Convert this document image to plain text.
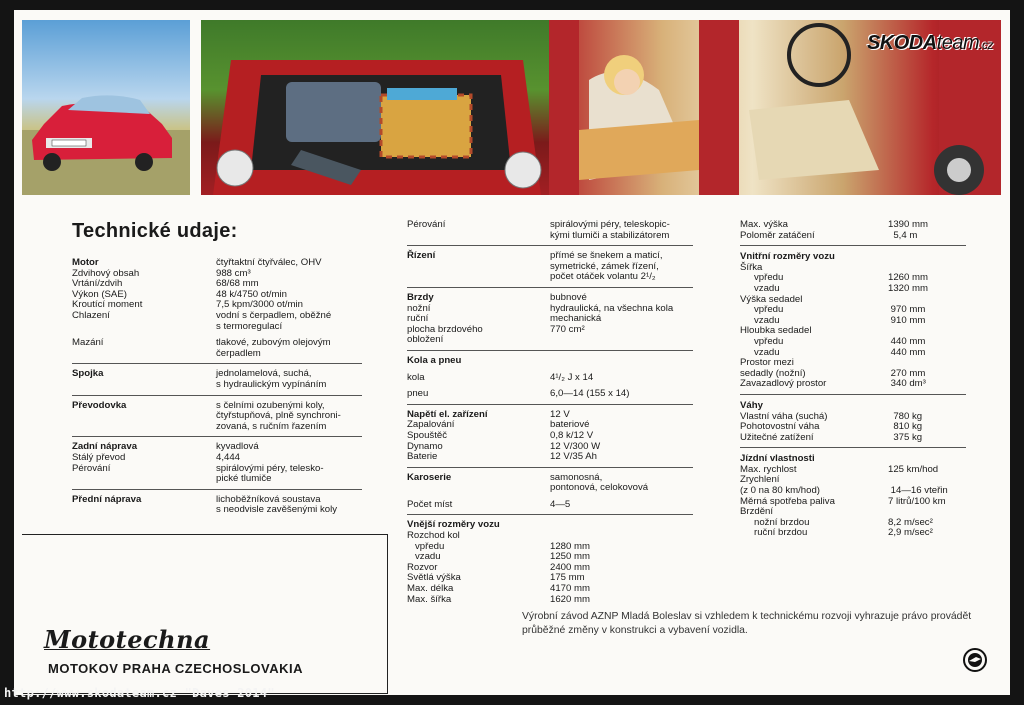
SKODAteam.cz
Technické udaje:
Motor	čtyřtaktní čtyřválec, OHV
Zdvihový obsah	988 cm³
Vrtání/zdvih	68/68 mm
Výkon (SAE)	48 k/4750 ot/min
Kroutící moment	7,5 kpm/3000 ot/min
Chlazení	vodní s čerpadlem, oběžné
s termoregulací
Mazání	tlakové, zubovým olejovým
čerpadlem
Spojka	jednolamelová, suchá,
s hydraulickým vypínáním
Převodovka	s čelními ozubenými koly,
čtyřstupňová, plně synchroni-
zovaná, s ručním řazením
Zadní náprava	kyvadlová
Stálý převod	4,444
Pérování	spirálovými péry, telesko-
pické tlumiče
Přední náprava	lichoběžníková soustava
s neodvisle zavěšenými koly
Pérování	spirálovými péry, teleskopic-
kými tlumiči a stabilizátorem
Řízení	přímé se šnekem a maticí,
symetrické, zámek řízení,
počet otáček volantu 2¹/₂
Brzdy	bubnové
nožní	hydraulická, na všechna kola
ruční	mechanická
plocha brzdového	770 cm²
obložení
Kola a pneu
kola	4¹/₂ J x 14
pneu	6,0—14 (155 x 14)
Napětí el. zařízení	12 V
Zapalování	bateriové
Spouštěč	0,8 k/12 V
Dynamo	12 V/300 W
Baterie	12 V/35 Ah
Karoserie	samonosná,
pontonová, celokovová
Počet míst	4—5
Vnější rozměry vozu
Rozchod kol
vpředu	1280 mm
vzadu	1250 mm
Rozvor	2400 mm
Světlá výška	175 mm
Max. délka	4170 mm
Max. šířka	1620 mm
Max. výška	1390 mm
Poloměr zatáčení	5,4 m
Vnitřní rozměry vozu
Šířka
vpředu	1260 mm
vzadu	1320 mm
Výška sedadel
vpředu	970 mm
vzadu	910 mm
Hloubka sedadel
vpředu	440 mm
vzadu	440 mm
Prostor mezi
sedadly (nožní)	270 mm
Zavazadlový prostor	340 dm³
Váhy
Vlastní váha (suchá)	780 kg
Pohotovostní váha	810 kg
Užitečné zatížení	375 kg
Jízdní vlastnosti
Max. rychlost	125 km/hod
Zrychlení
(z 0 na 80 km/hod)	14—16 vteřin
Měrná spotřeba paliva	7 litrů/100 km
Brzdění
nožní brzdou	8,2 m/sec²
ruční brzdou	2,9 m/sec²
Mototechna
MOTOKOV PRAHA CZECHOSLOVAKIA
Výrobní závod AZNP Mladá Boleslav si vzhledem k technickému rozvoji vyhrazuje právo provádět průběžné změny v konstrukci a vybavení vozidla.
http://www.skodateam.cz "Daves 2014"
